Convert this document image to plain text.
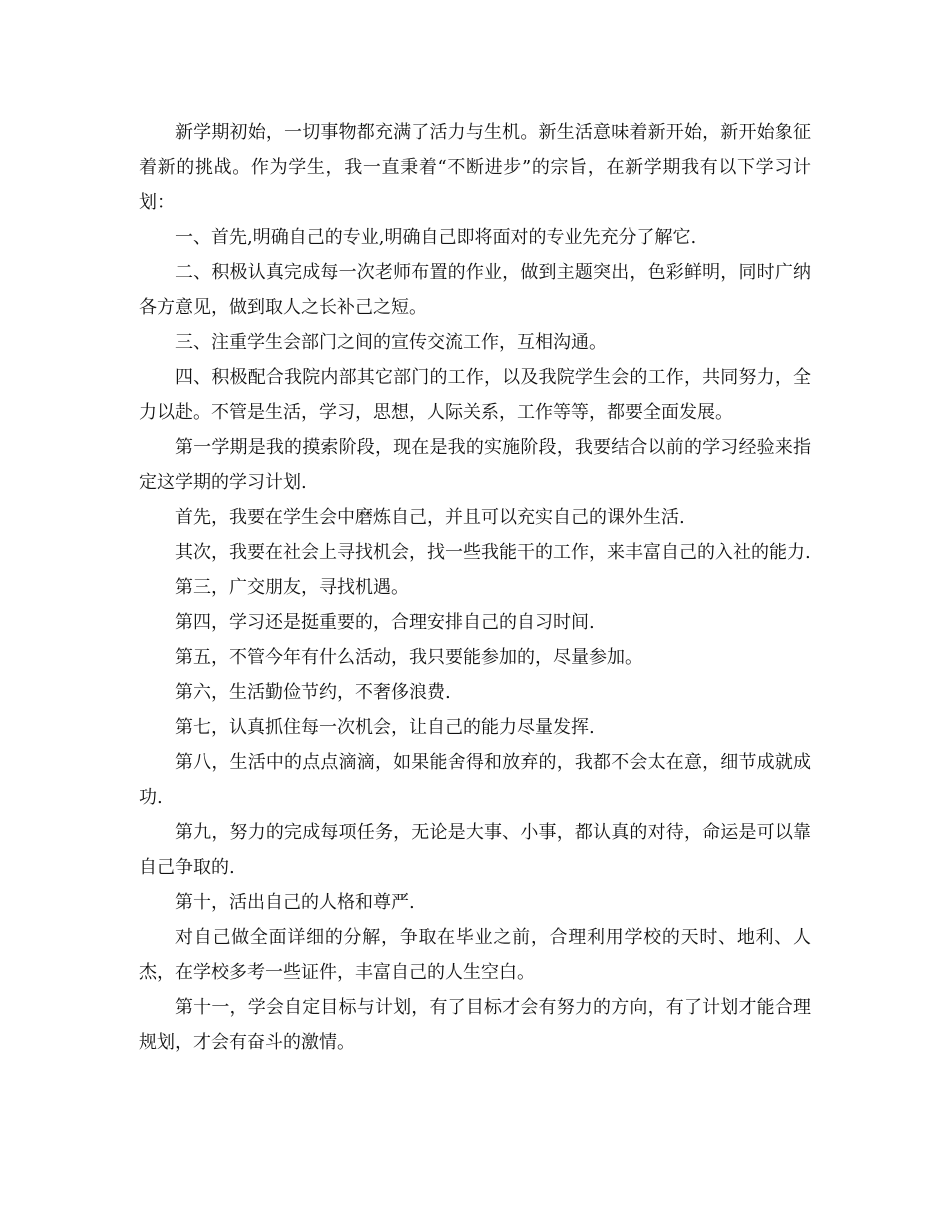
新学期初始，一切事物都充满了活力与生机。新生活意味着新开始，新开始象征着新的挑战。作为学生，我一直秉着“不断进步”的宗旨，在新学期我有以下学习计划：

一、首先,明确自己的专业,明确自己即将面对的专业先充分了解它.

二、积极认真完成每一次老师布置的作业，做到主题突出，色彩鲜明，同时广纳各方意见，做到取人之长补己之短。

三、注重学生会部门之间的宣传交流工作，互相沟通。

四、积极配合我院内部其它部门的工作，以及我院学生会的工作，共同努力，全力以赴。不管是生活，学习，思想，人际关系，工作等等，都要全面发展。

第一学期是我的摸索阶段，现在是我的实施阶段，我要结合以前的学习经验来指定这学期的学习计划.

首先，我要在学生会中磨炼自己，并且可以充实自己的课外生活.

其次，我要在社会上寻找机会，找一些我能干的工作，来丰富自己的入社的能力.

第三，广交朋友，寻找机遇。

第四，学习还是挺重要的，合理安排自己的自习时间.

第五，不管今年有什么活动，我只要能参加的，尽量参加。

第六，生活勤俭节约，不奢侈浪费.

第七，认真抓住每一次机会，让自己的能力尽量发挥.

第八，生活中的点点滴滴，如果能舍得和放弃的，我都不会太在意，细节成就成功.

第九，努力的完成每项任务，无论是大事、小事，都认真的对待，命运是可以靠自己争取的.

第十，活出自己的人格和尊严.

对自己做全面详细的分解，争取在毕业之前，合理利用学校的天时、地利、人杰，在学校多考一些证件，丰富自己的人生空白。

第十一，学会自定目标与计划，有了目标才会有努力的方向，有了计划才能合理规划，才会有奋斗的激情。
